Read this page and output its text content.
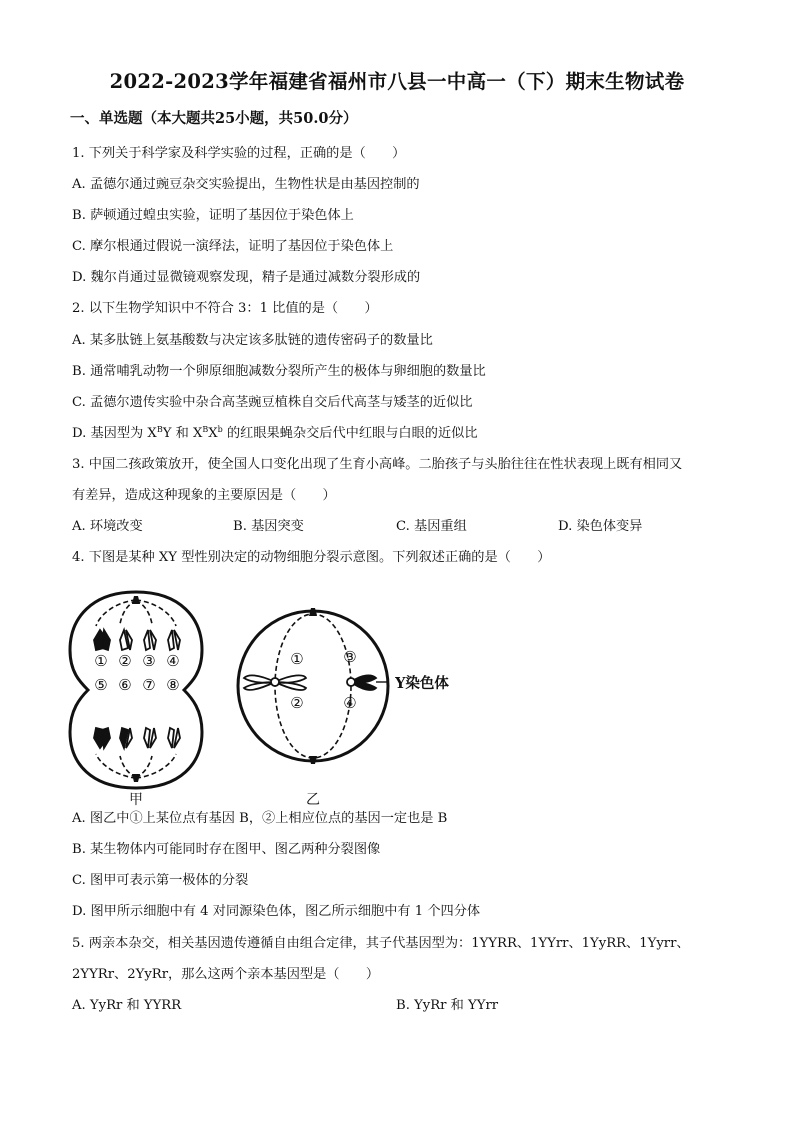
2022-2023学年福建省福州市八县一中高一（下）期末生物试卷
一、单选题（本大题共25小题，共50.0分）
1. 下列关于科学家及科学实验的过程，正确的是（　　）
A. 孟德尔通过豌豆杂交实验提出，生物性状是由基因控制的
B. 萨顿通过蝗虫实验，证明了基因位于染色体上
C. 摩尔根通过假说一演绎法，证明了基因位于染色体上
D. 魏尔肖通过显微镜观察发现，精子是通过减数分裂形成的
2. 以下生物学知识中不符合 3：1 比值的是（　　）
A. 某多肽链上氨基酸数与决定该多肽链的遗传密码子的数量比
B. 通常哺乳动物一个卵原细胞减数分裂所产生的极体与卵细胞的数量比
C. 孟德尔遗传实验中杂合高茎豌豆植株自交后代高茎与矮茎的近似比
D. 基因型为 $X^BY$ 和 $X^BX^b$ 的红眼果蝇杂交后代中红眼与白眼的近似比
3. 中国二孩政策放开，使全国人口变化出现了生育小高峰。二胎孩子与头胎往往在性状表现上既有相同又
有差异，造成这种现象的主要原因是（　　）
A. 环境改变	B. 基因突变	C. 基因重组	D. 染色体变异
4. 下图是某种 XY 型性别决定的动物细胞分裂示意图。下列叙述正确的是（　　）
① ② ③ ④
⑤ ⑥ ⑦ ⑧
甲
①
②
③
④
Y染色体
乙
A. 图乙中①上某位点有基因 B，②上相应位点的基因一定也是 B
B. 某生物体内可能同时存在图甲、图乙两种分裂图像
C. 图甲可表示第一极体的分裂
D. 图甲所示细胞中有 4 对同源染色体，图乙所示细胞中有 1 个四分体
5. 两亲本杂交，相关基因遗传遵循自由组合定律，其子代基因型为：1YYRR、1YYrr、1YyRR、1Yyrr、
2YYRr、2YyRr，那么这两个亲本基因型是（　　）
A. YyRr 和 YYRR	B. YyRr 和 YYrr
